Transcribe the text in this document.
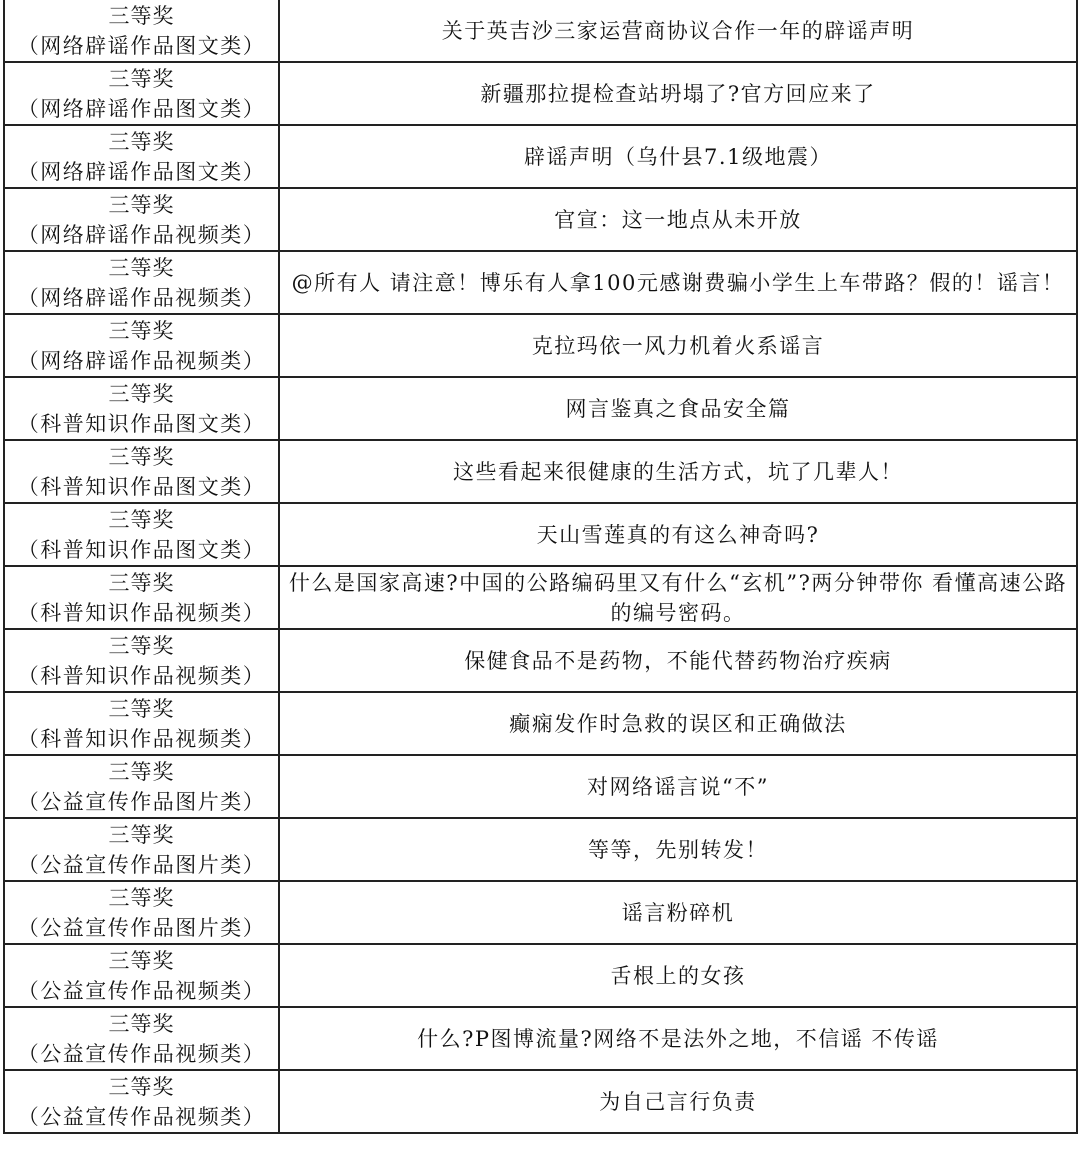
三等奖
（网络辟谣作品图文类）	关于英吉沙三家运营商协议合作一年的辟谣声明

三等奖
（网络辟谣作品图文类）	新疆那拉提检查站坍塌了?官方回应来了

三等奖
（网络辟谣作品图文类）	辟谣声明（乌什县7.1级地震）

三等奖
（网络辟谣作品视频类）	官宣：这一地点从未开放

三等奖
（网络辟谣作品视频类）	@所有人 请注意！博乐有人拿100元感谢费骗小学生上车带路？假的！谣言！

三等奖
（网络辟谣作品视频类）	克拉玛依一风力机着火系谣言

三等奖
（科普知识作品图文类）	网言鉴真之食品安全篇

三等奖
（科普知识作品图文类）	这些看起来很健康的生活方式，坑了几辈人！

三等奖
（科普知识作品图文类）	天山雪莲真的有这么神奇吗?

三等奖
（科普知识作品视频类）	什么是国家高速?中国的公路编码里又有什么“玄机”?两分钟带你 看懂高速公路的编号密码。

三等奖
（科普知识作品视频类）	保健食品不是药物，不能代替药物治疗疾病

三等奖
（科普知识作品视频类）	癫痫发作时急救的误区和正确做法

三等奖
（公益宣传作品图片类）	对网络谣言说“不”

三等奖
（公益宣传作品图片类）	等等，先别转发！

三等奖
（公益宣传作品图片类）	谣言粉碎机

三等奖
（公益宣传作品视频类）	舌根上的女孩

三等奖
（公益宣传作品视频类）	什么?P图博流量?网络不是法外之地，不信谣 不传谣

三等奖
（公益宣传作品视频类）	为自己言行负责
